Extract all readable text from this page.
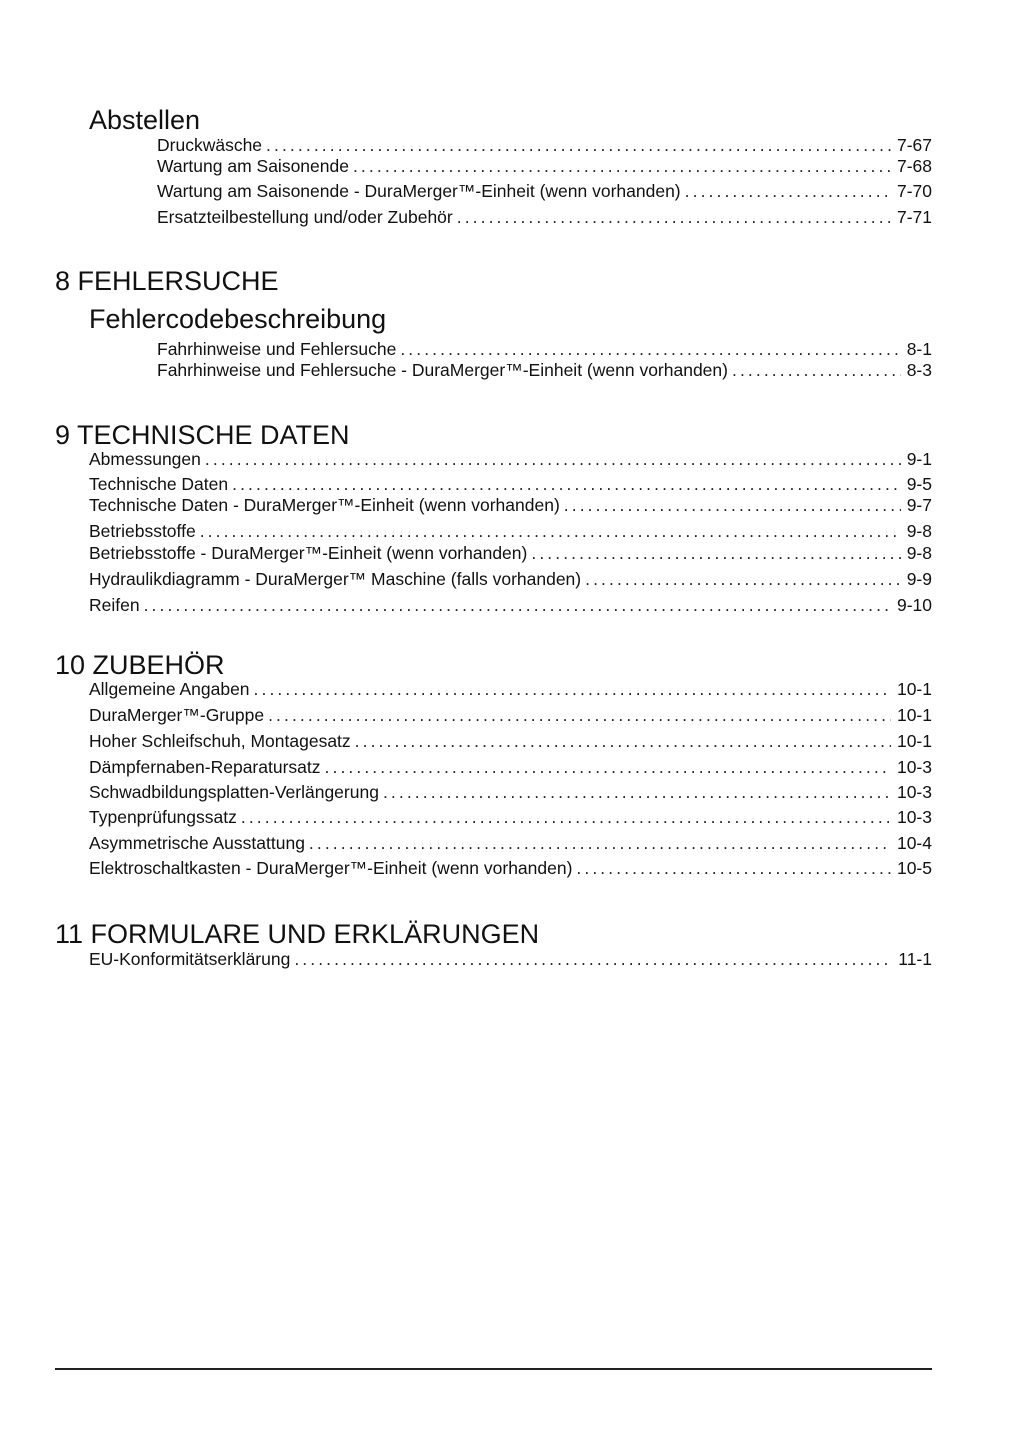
Abstellen
Druckwäsche .....	7-67
Wartung am Saisonende .....	7-68
Wartung am Saisonende - DuraMerger™-Einheit (wenn vorhanden) .....	7-70
Ersatzteilbestellung und/oder Zubehör .....	7-71
8 FEHLERSUCHE
Fehlercodebeschreibung
Fahrhinweise und Fehlersuche .....	8-1
Fahrhinweise und Fehlersuche - DuraMerger™-Einheit (wenn vorhanden) .....	8-3
9 TECHNISCHE DATEN
Abmessungen .....	9-1
Technische Daten .....	9-5
Technische Daten - DuraMerger™-Einheit (wenn vorhanden) .....	9-7
Betriebsstoffe .....	9-8
Betriebsstoffe - DuraMerger™-Einheit (wenn vorhanden) .....	9-8
Hydraulikdiagramm - DuraMerger™ Maschine (falls vorhanden) .....	9-9
Reifen .....	9-10
10 ZUBEHÖR
Allgemeine Angaben .....	10-1
DuraMerger™-Gruppe .....	10-1
Hoher Schleifschuh, Montagesatz .....	10-1
Dämpfernaben-Reparatursatz .....	10-3
Schwadbildungsplatten-Verlängerung .....	10-3
Typenprüfungssatz .....	10-3
Asymmetrische Ausstattung .....	10-4
Elektroschaltkasten - DuraMerger™-Einheit (wenn vorhanden) .....	10-5
11 FORMULARE UND ERKLÄRUNGEN
EU-Konformitätserklärung .....	11-1
